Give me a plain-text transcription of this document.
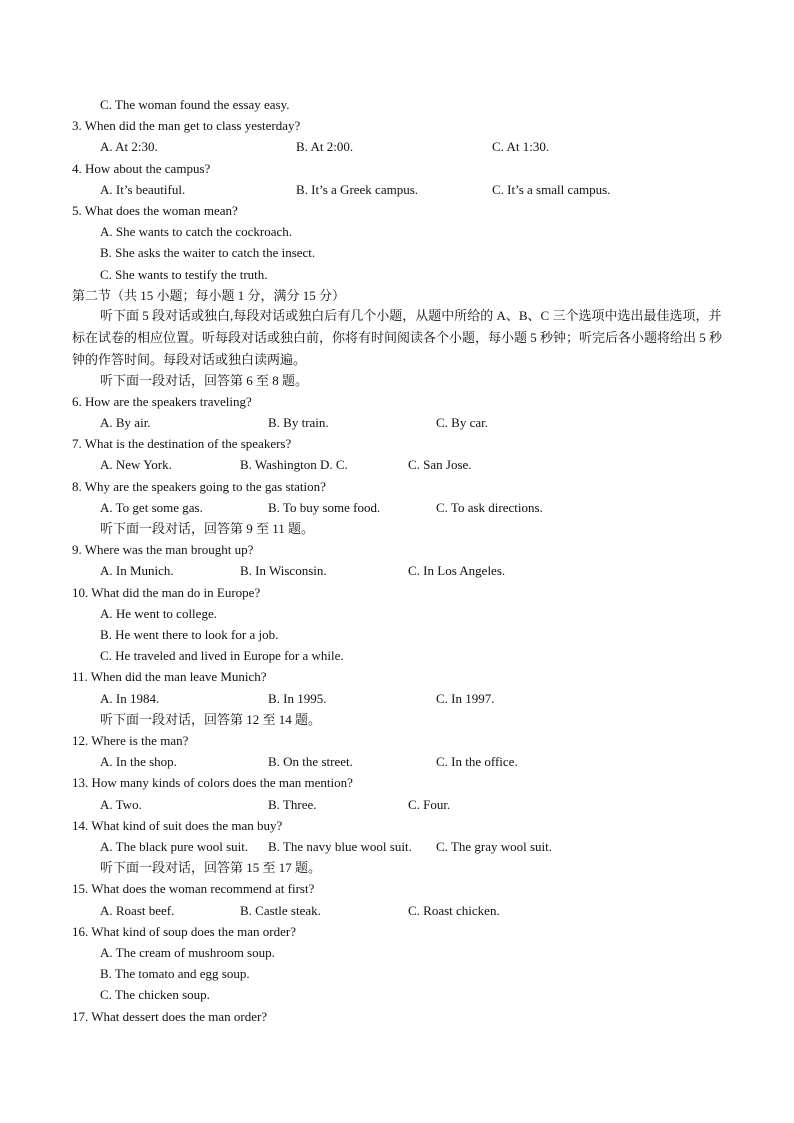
C. The woman found the essay easy.
3. When did the man get to class yesterday?
A. At 2:30.	B. At 2:00.	C. At 1:30.
4. How about the campus?
A. It’s beautiful.	B. It’s a Greek campus.	C. It’s a small campus.
5. What does the woman mean?
A. She wants to catch the cockroach.
B. She asks the waiter to catch the insect.
C. She wants to testify the truth.
第二节（共 15 小题；每小题 1 分，满分 15 分）
听下面 5 段对话或独白,每段对话或独白后有几个小题，从题中所给的 A、B、C 三个选项中选出最佳选项，并标在试卷的相应位置。听每段对话或独白前，你将有时间阅读各个小题，每小题 5 秒钟；听完后各小题将给出 5 秒钟的作答时间。每段对话或独白读两遍。
听下面一段对话，回答第 6 至 8 题。
6. How are the speakers traveling?
A. By air.	B. By train.	C. By car.
7. What is the destination of the speakers?
A. New York.	B. Washington D. C.	C. San Jose.
8. Why are the speakers going to the gas station?
A. To get some gas.	B. To buy some food.	C. To ask directions.
听下面一段对话，回答第 9 至 11 题。
9. Where was the man brought up?
A. In Munich.	B. In Wisconsin.	C. In Los Angeles.
10. What did the man do in Europe?
A. He went to college.
B. He went there to look for a job.
C. He traveled and lived in Europe for a while.
11. When did the man leave Munich?
A. In 1984.	B. In 1995.	C. In 1997.
听下面一段对话，回答第 12 至 14 题。
12. Where is the man?
A. In the shop.	B. On the street.	C. In the office.
13. How many kinds of colors does the man mention?
A. Two.	B. Three.	C. Four.
14. What kind of suit does the man buy?
A. The black pure wool suit. B. The navy blue wool suit. C. The gray wool suit.
听下面一段对话，回答第 15 至 17 题。
15. What does the woman recommend at first?
A. Roast beef.	B. Castle steak.	C. Roast chicken.
16. What kind of soup does the man order?
A. The cream of mushroom soup.
B. The tomato and egg soup.
C. The chicken soup.
17. What dessert does the man order?
